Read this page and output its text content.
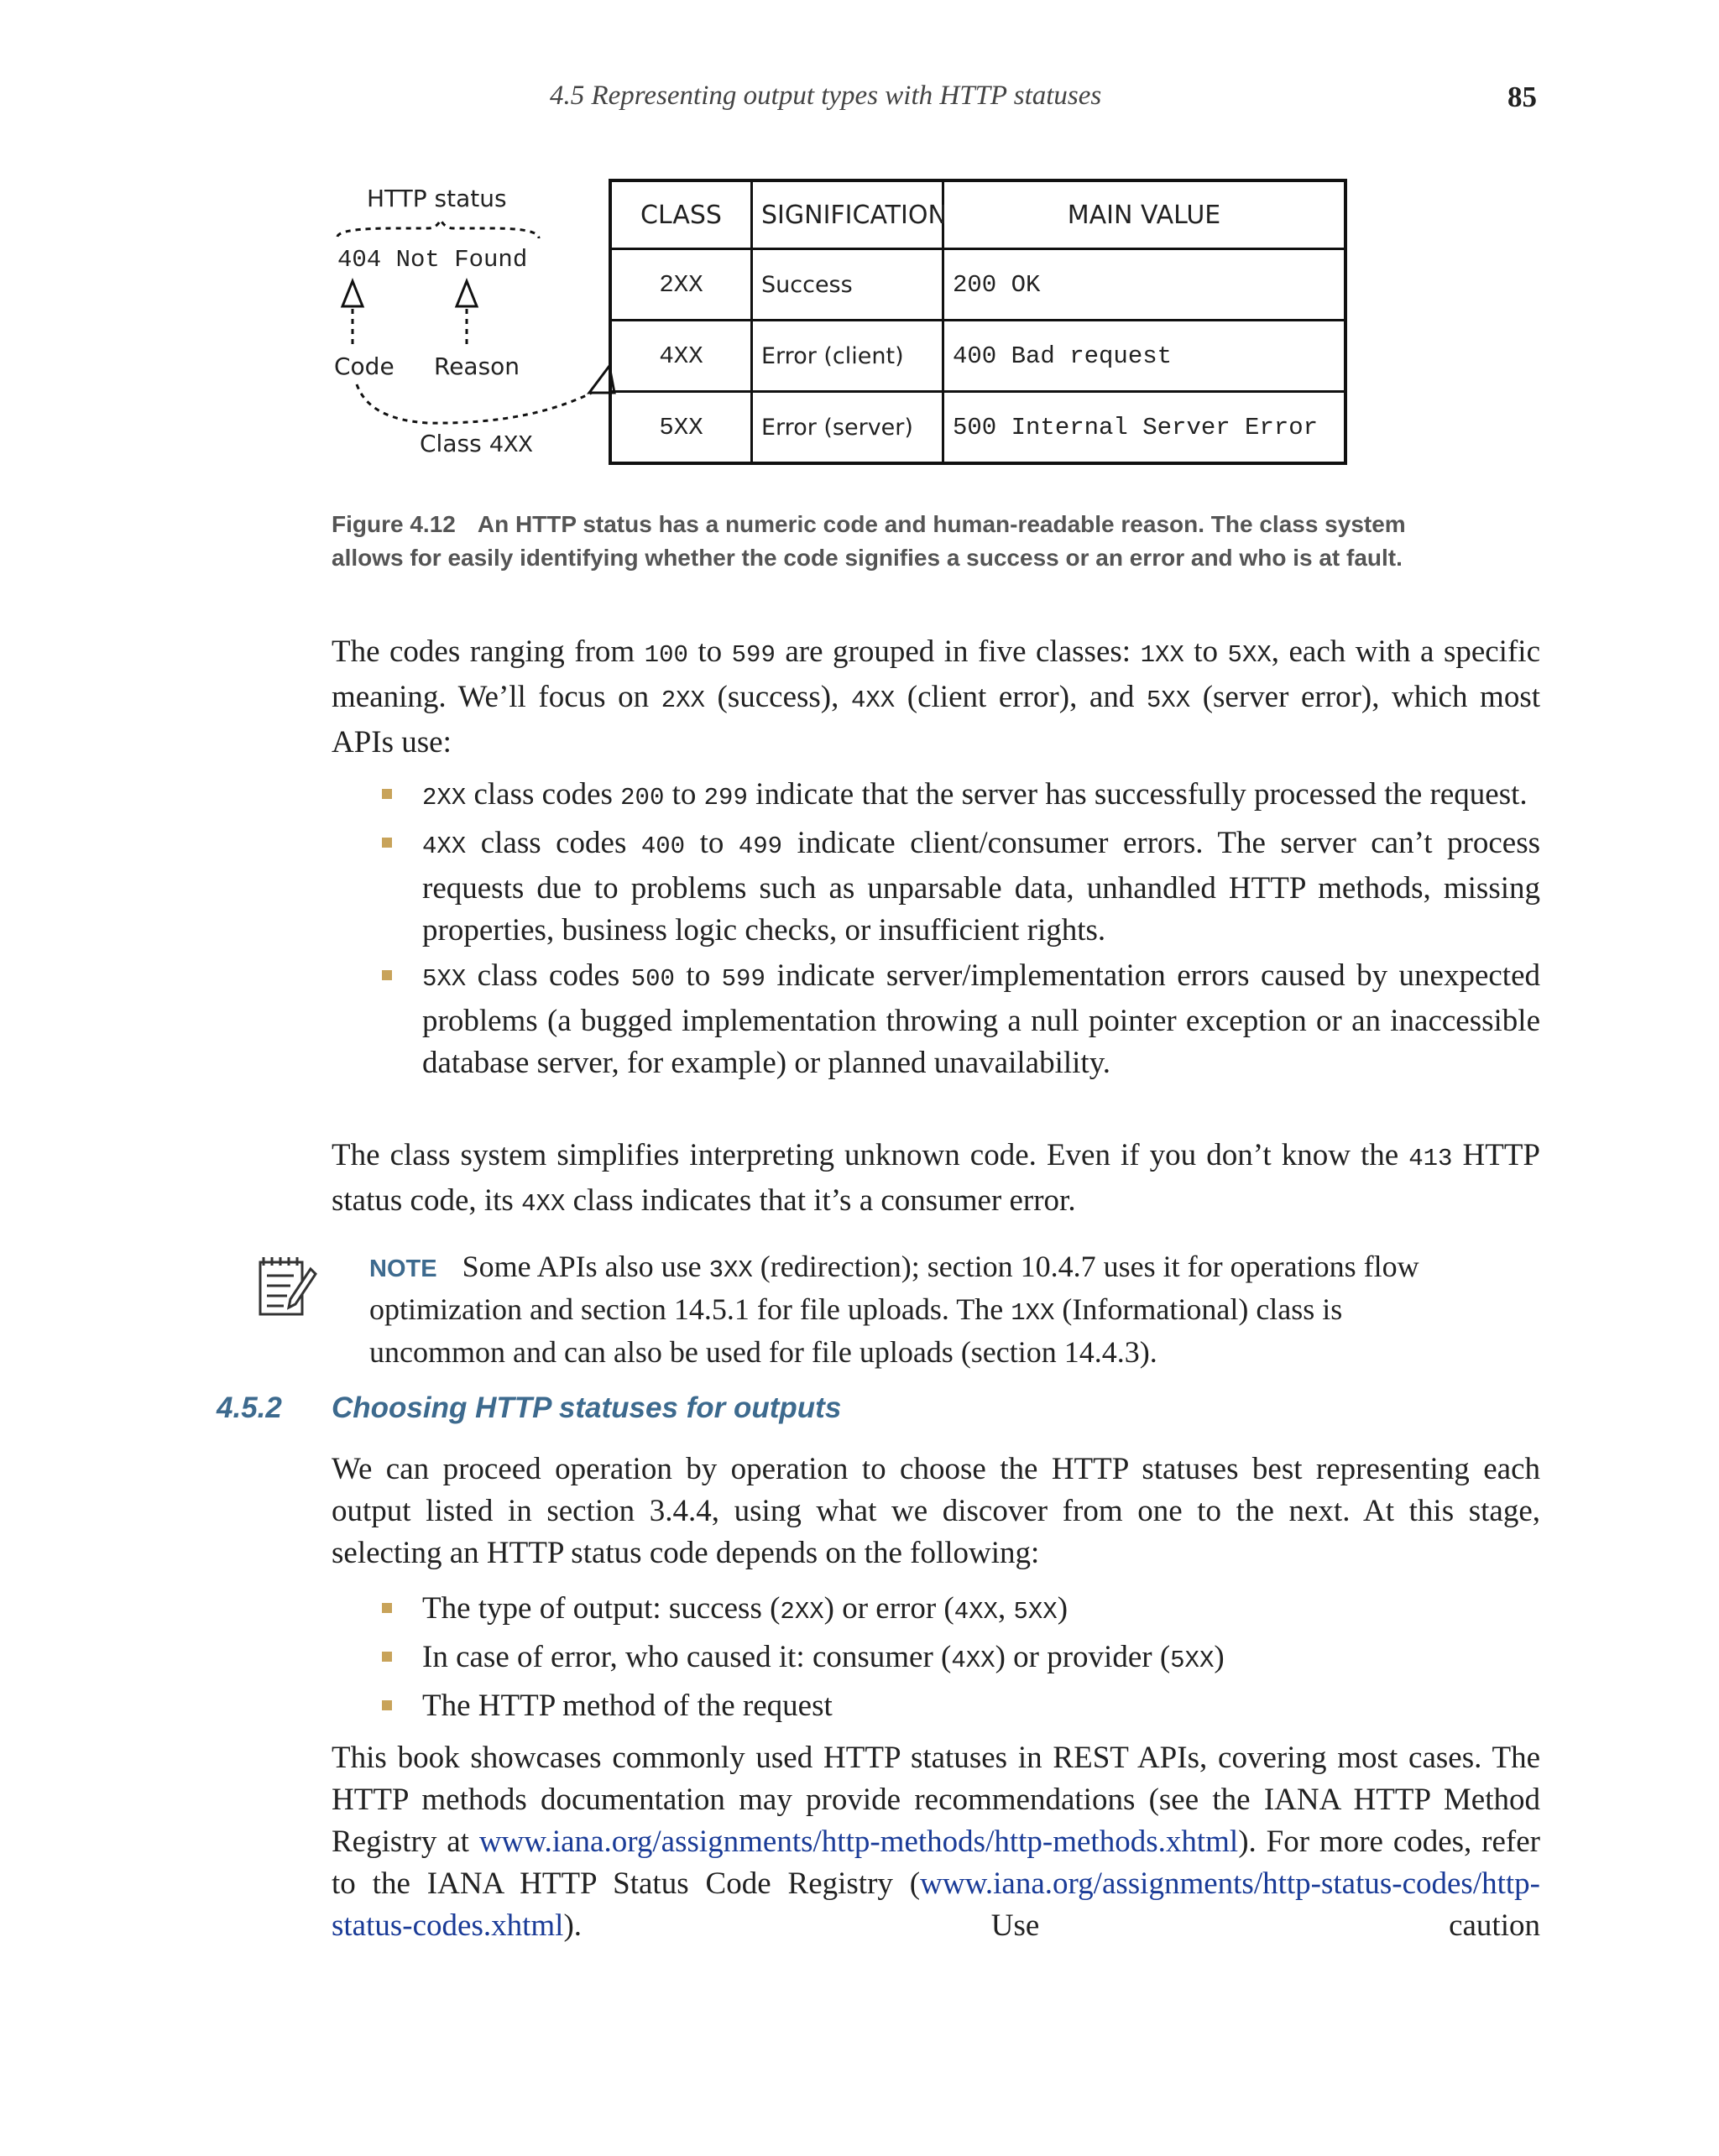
4.5 Representing output types with HTTP statuses	85
HTTP status
404 Not Found
Code Reason
Class 4XX
CLASS	SIGNIFICATION	MAIN VALUE
2XX	Success	200 OK
4XX	Error (client)	400 Bad request
5XX	Error (server)	500 Internal Server Error
Figure 4.12 An HTTP status has a numeric code and human-readable reason. The class system
allows for easily identifying whether the code signifies a success or an error and who is at fault.

The codes ranging from 100 to 599 are grouped in five classes: 1XX to 5XX, each with a specific meaning. We’ll focus on 2XX (success), 4XX (client error), and 5XX (server error), which most APIs use:

2XX class codes 200 to 299 indicate that the server has successfully processed the request.
4XX class codes 400 to 499 indicate client/consumer errors. The server can’t process requests due to problems such as unparsable data, unhandled HTTP methods, missing properties, business logic checks, or insufficient rights.
5XX class codes 500 to 599 indicate server/implementation errors caused by unexpected problems (a bugged implementation throwing a null pointer exception or an inaccessible database server, for example) or planned unavailability.

The class system simplifies interpreting unknown code. Even if you don’t know the 413 HTTP status code, its 4XX class indicates that it’s a consumer error.

NOTE Some APIs also use 3XX (redirection); section 10.4.7 uses it for operations flow optimization and section 14.5.1 for file uploads. The 1XX (Informational) class is uncommon and can also be used for file uploads (section 14.4.3).

4.5.2 Choosing HTTP statuses for outputs

We can proceed operation by operation to choose the HTTP statuses best representing each output listed in section 3.4.4, using what we discover from one to the next. At this stage, selecting an HTTP status code depends on the following:

The type of output: success (2XX) or error (4XX, 5XX)
In case of error, who caused it: consumer (4XX) or provider (5XX)
The HTTP method of the request

This book showcases commonly used HTTP statuses in REST APIs, covering most cases. The HTTP methods documentation may provide recommendations (see the IANA HTTP Method Registry at www.iana.org/assignments/http-methods/http-methods.xhtml). For more codes, refer to the IANA HTTP Status Code Registry (www.iana.org/assignments/http-status-codes/http-status-codes.xhtml). Use caution
